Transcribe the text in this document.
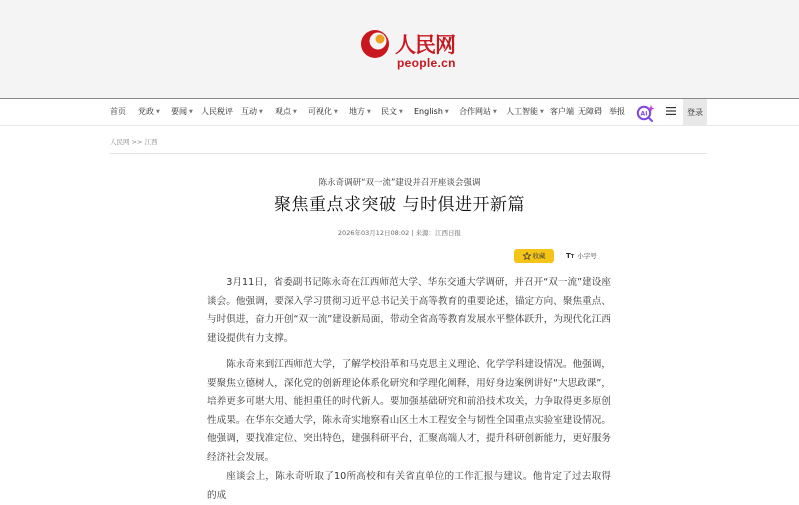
人民网
people.cn
首页 党政 ▼ 要闻 ▼ 人民税评 互动 ▼ 观点 ▼ 可视化 ▼ 地方 ▼ 民文 ▼ English ▼ 合作网站 ▼ 人工智能 ▼ 客户端 无障碍 举报	AI	登录
人民网 >> 江西
陈永奇调研“双一流”建设并召开座谈会强调
聚焦重点求突破 与时俱进开新篇
2026年03月12日08:02 | 来源：江西日报
收藏	TT 小字号

3月11日，省委副书记陈永奇在江西师范大学、华东交通大学调研，并召开“双一流”建设座谈会。他强调，要深入学习贯彻习近平总书记关于高等教育的重要论述，锚定方向、聚焦重点、与时俱进，奋力开创“双一流”建设新局面，带动全省高等教育发展水平整体跃升，为现代化江西建设提供有力支撑。

陈永奇来到江西师范大学，了解学校沿革和马克思主义理论、化学学科建设情况。他强调，要聚焦立德树人，深化党的创新理论体系化研究和学理化阐释，用好身边案例讲好“大思政课”，培养更多可堪大用、能担重任的时代新人。要加强基础研究和前沿技术攻关，力争取得更多原创性成果。在华东交通大学，陈永奇实地察看山区土木工程安全与韧性全国重点实验室建设情况。他强调，要找准定位、突出特色，建强科研平台，汇聚高端人才，提升科研创新能力，更好服务经济社会发展。

座谈会上，陈永奇听取了10所高校和有关省直单位的工作汇报与建议。他肯定了过去取得的成
